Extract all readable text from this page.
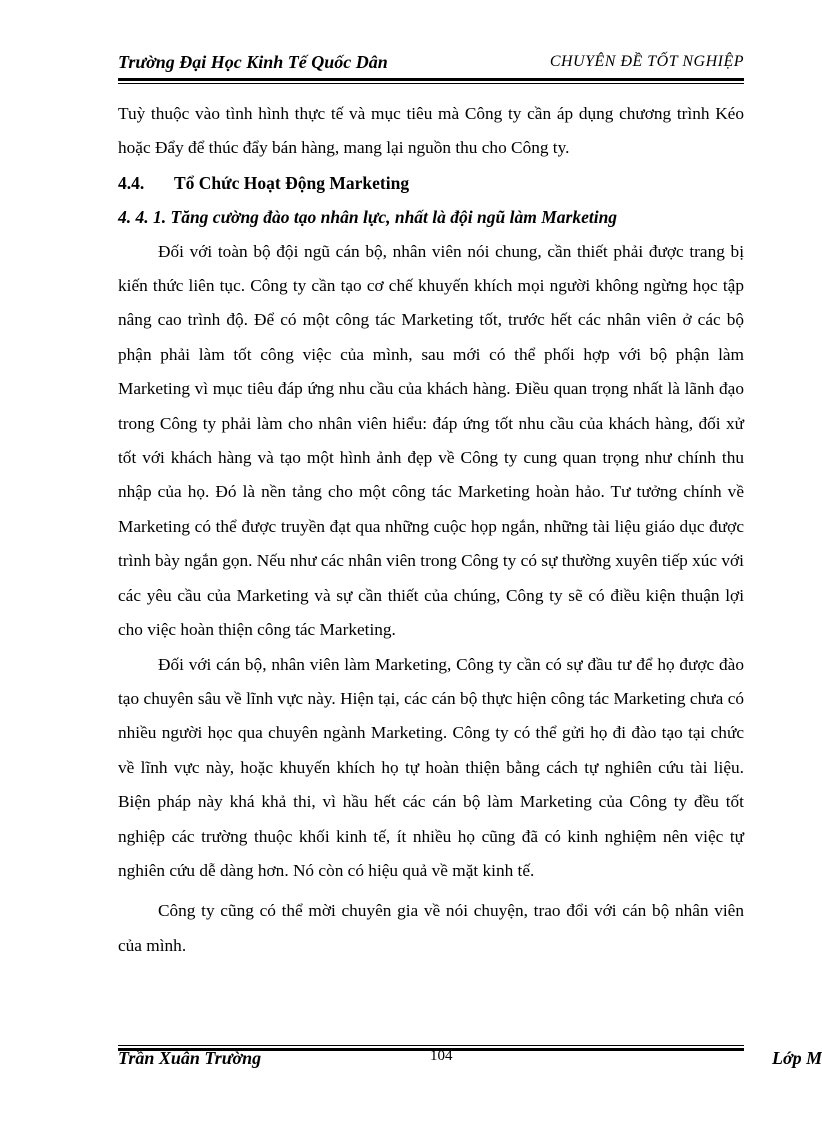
Trường Đại Học Kinh Tế Quốc Dân	CHUYÊN ĐỀ TỐT NGHIỆP

Tuỳ thuộc vào tình hình thực tế và mục tiêu mà Công ty cần áp dụng chương trình Kéo hoặc Đẩy để thúc đẩy bán hàng, mang lại nguồn thu cho Công ty.

4.4. Tổ Chức Hoạt Động Marketing

4. 4. 1. Tăng cường đào tạo nhân lực, nhất là đội ngũ làm Marketing

Đối với toàn bộ đội ngũ cán bộ, nhân viên nói chung, cần thiết phải được trang bị kiến thức liên tục. Công ty cần tạo cơ chế khuyến khích mọi người không ngừng học tập nâng cao trình độ. Để có một công tác Marketing tốt, trước hết các nhân viên ở các bộ phận phải làm tốt công việc của mình, sau mới có thể phối hợp với bộ phận làm Marketing vì mục tiêu đáp ứng nhu cầu của khách hàng. Điều quan trọng nhất là lãnh đạo trong Công ty phải làm cho nhân viên hiểu: đáp ứng tốt nhu cầu của khách hàng, đối xử tốt với khách hàng và tạo một hình ảnh đẹp về Công ty cung quan trọng như chính thu nhập của họ. Đó là nền tảng cho một công tác Marketing hoàn hảo. Tư tưởng chính về Marketing có thể được truyền đạt qua những cuộc họp ngắn, những tài liệu giáo dục được trình bày ngắn gọn. Nếu như các nhân viên trong Công ty có sự thường xuyên tiếp xúc với các yêu cầu của Marketing và sự cần thiết của chúng, Công ty sẽ có điều kiện thuận lợi cho việc hoàn thiện công tác Marketing.

Đối với cán bộ, nhân viên làm Marketing, Công ty cần có sự đầu tư để họ được đào tạo chuyên sâu về lĩnh vực này. Hiện tại, các cán bộ thực hiện công tác Marketing chưa có nhiều người học qua chuyên ngành Marketing. Công ty có thể gửi họ đi đào tạo tại chức về lĩnh vực này, hoặc khuyến khích họ tự hoàn thiện bằng cách tự nghiên cứu tài liệu. Biện pháp này khá khả thi, vì hầu hết các cán bộ làm Marketing của Công ty đều tốt nghiệp các trường thuộc khối kinh tế, ít nhiều họ cũng đã có kinh nghiệm nên việc tự nghiên cứu dễ dàng hơn. Nó còn có hiệu quả về mặt kinh tế.

Công ty cũng có thể mời chuyên gia về nói chuyện, trao đổi với cán bộ nhân viên của mình.

Trần Xuân Trường	104	Lớp M
